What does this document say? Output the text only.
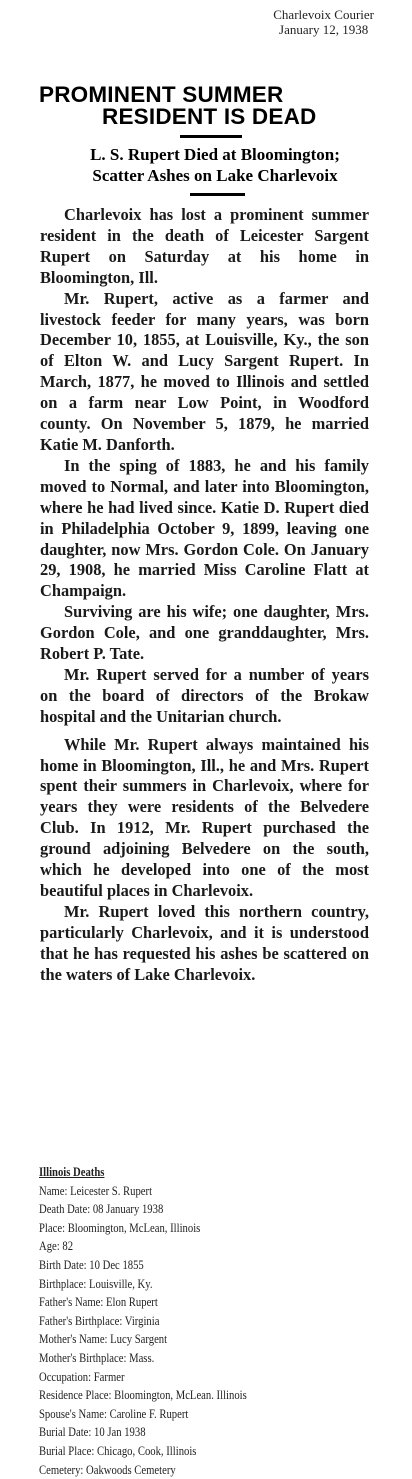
Charlevoix Courier
January 12, 1938
PROMINENT SUMMER
RESIDENT IS DEAD
L. S. Rupert Died at Bloomington;
Scatter Ashes on Lake Charlevoix

Charlevoix has lost a prominent summer resident in the death of Leicester Sargent Rupert on Saturday at his home in Bloomington, Ill.

Mr. Rupert, active as a farmer and livestock feeder for many years, was born December 10, 1855, at Louisville, Ky., the son of Elton W. and Lucy Sargent Rupert. In March, 1877, he moved to Illinois and settled on a farm near Low Point, in Woodford county. On November 5, 1879, he married Katie M. Danforth.

In the sping of 1883, he and his family moved to Normal, and later into Bloomington, where he had lived since. Katie D. Rupert died in Philadelphia October 9, 1899, leaving one daughter, now Mrs. Gordon Cole. On January 29, 1908, he married Miss Caroline Flatt at Champaign.

Surviving are his wife; one daughter, Mrs. Gordon Cole, and one granddaughter, Mrs. Robert P. Tate.

Mr. Rupert served for a number of years on the board of directors of the Brokaw hospital and the Unitarian church.

While Mr. Rupert always maintained his home in Bloomington, Ill., he and Mrs. Rupert spent their summers in Charlevoix, where for years they were residents of the Belvedere Club. In 1912, Mr. Rupert purchased the ground adjoining Belvedere on the south, which he developed into one of the most beautiful places in Charlevoix.

Mr. Rupert loved this northern country, particularly Charlevoix, and it is understood that he has requested his ashes be scattered on the waters of Lake Charlevoix.

Illinois Deaths
Name: Leicester S. Rupert
Death Date: 08 January 1938
Place: Bloomington, McLean, Illinois
Age: 82
Birth Date: 10 Dec 1855
Birthplace: Louisville, Ky.
Father's Name: Elon Rupert
Father's Birthplace: Virginia
Mother's Name: Lucy Sargent
Mother's Birthplace: Mass.
Occupation: Farmer
Residence Place: Bloomington, McLean. Illinois
Spouse's Name: Caroline F. Rupert
Burial Date: 10 Jan 1938
Burial Place: Chicago, Cook, Illinois
Cemetery: Oakwoods Cemetery
